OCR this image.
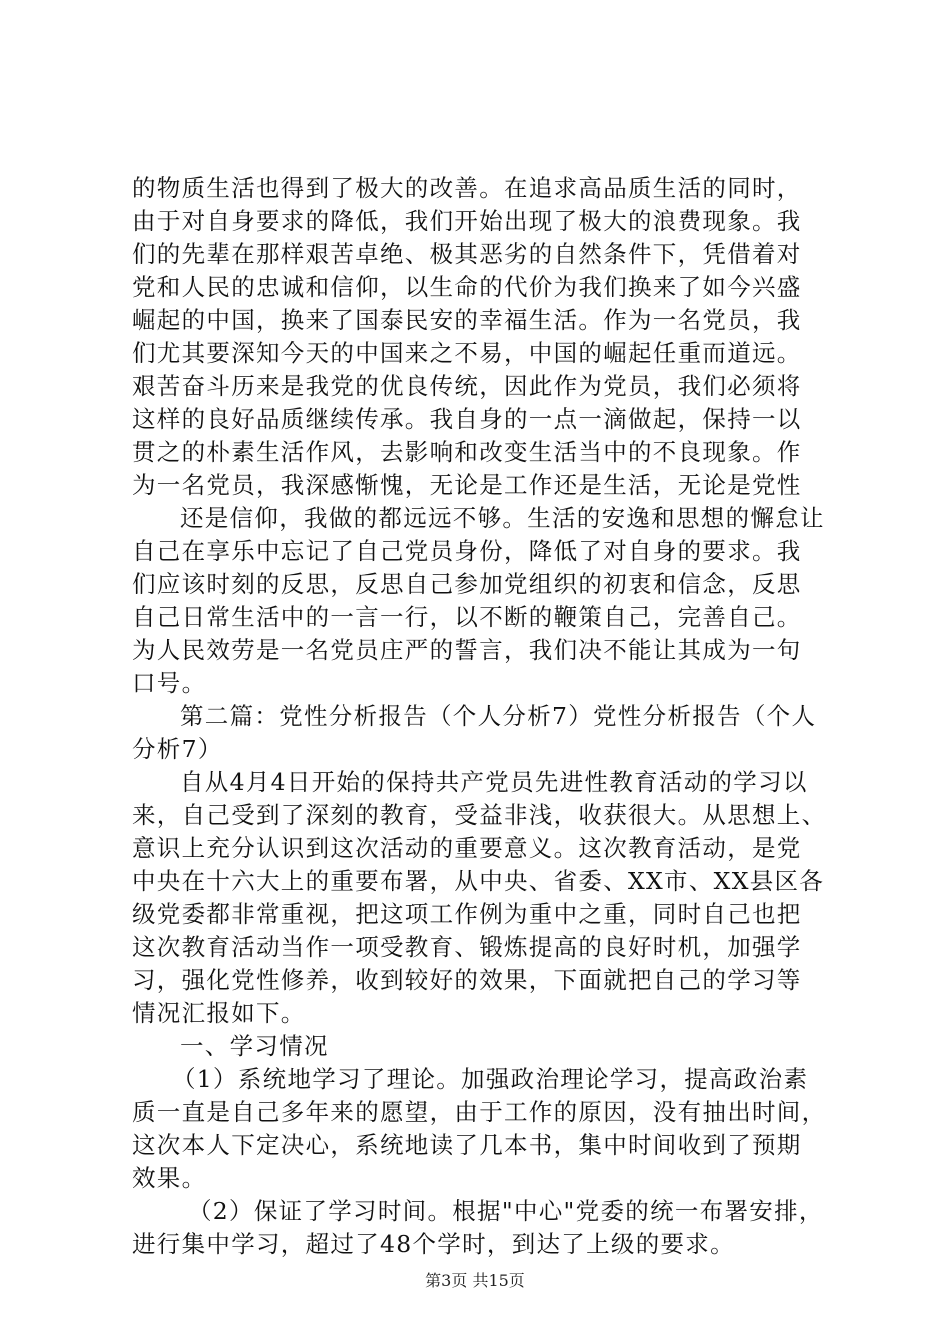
的物质生活也得到了极大的改善。在追求高品质生活的同时，
由于对自身要求的降低，我们开始出现了极大的浪费现象。我
们的先辈在那样艰苦卓绝、极其恶劣的自然条件下，凭借着对
党和人民的忠诚和信仰，以生命的代价为我们换来了如今兴盛
崛起的中国，换来了国泰民安的幸福生活。作为一名党员，我
们尤其要深知今天的中国来之不易，中国的崛起任重而道远。
艰苦奋斗历来是我党的优良传统，因此作为党员，我们必须将
这样的良好品质继续传承。我自身的一点一滴做起，保持一以
贯之的朴素生活作风，去影响和改变生活当中的不良现象。作
为一名党员，我深感惭愧，无论是工作还是生活，无论是党性
还是信仰，我做的都远远不够。生活的安逸和思想的懈怠让
自己在享乐中忘记了自己党员身份，降低了对自身的要求。我
们应该时刻的反思，反思自己参加党组织的初衷和信念，反思
自己日常生活中的一言一行，以不断的鞭策自己，完善自己。
为人民效劳是一名党员庄严的誓言，我们决不能让其成为一句
口号。
第二篇：党性分析报告（个人分析7）党性分析报告（个人
分析7）
自从4月4日开始的保持共产党员先进性教育活动的学习以
来，自己受到了深刻的教育，受益非浅，收获很大。从思想上、
意识上充分认识到这次活动的重要意义。这次教育活动，是党
中央在十六大上的重要布署，从中央、省委、XX市、XX县区各
级党委都非常重视，把这项工作例为重中之重，同时自己也把
这次教育活动当作一项受教育、锻炼提高的良好时机，加强学
习，强化党性修养，收到较好的效果，下面就把自己的学习等
情况汇报如下。
一、学习情况
（1）系统地学习了理论。加强政治理论学习，提高政治素
质一直是自己多年来的愿望，由于工作的原因，没有抽出时间，
这次本人下定决心，系统地读了几本书，集中时间收到了预期
效果。
（2）保证了学习时间。根据"中心"党委的统一布署安排，
进行集中学习，超过了48个学时，到达了上级的要求。
第3页 共15页
